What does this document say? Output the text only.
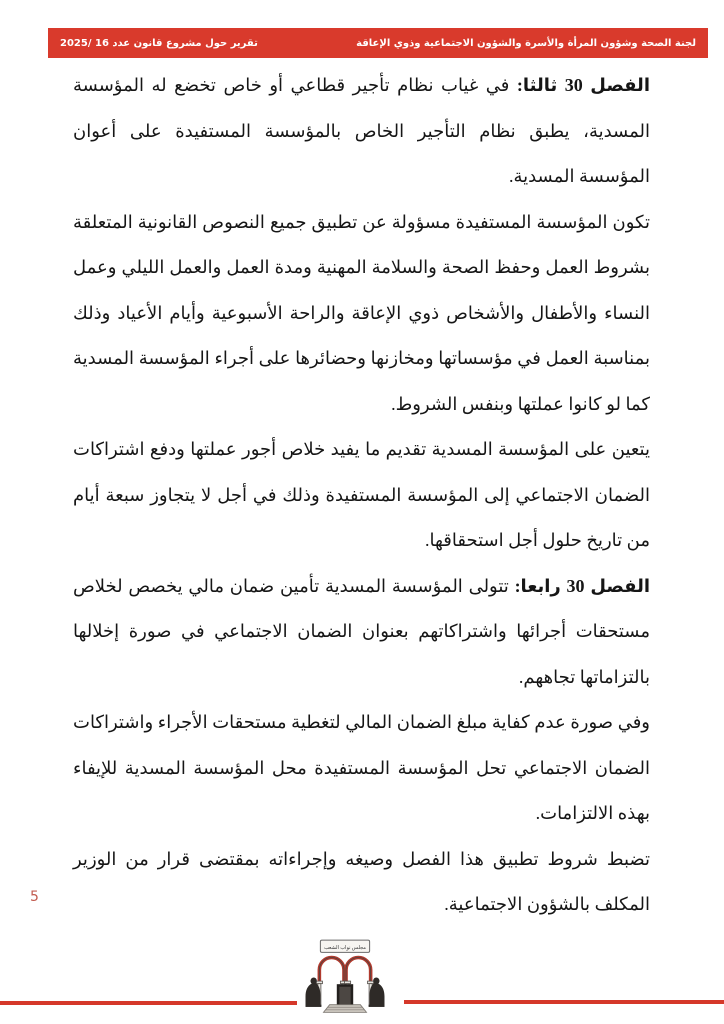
لجنة الصحة وشؤون المرأة والأسرة والشؤون الاجتماعية وذوي الإعاقة
تقرير حول مشروع قانون عدد 16 /2025

الفصل 30 ثالثا: في غياب نظام تأجير قطاعي أو خاص تخضع له المؤسسة المسدية، يطبق نظام التأجير الخاص بالمؤسسة المستفيدة على أعوان المؤسسة المسدية.

تكون المؤسسة المستفيدة مسؤولة عن تطبيق جميع النصوص القانونية المتعلقة بشروط العمل وحفظ الصحة والسلامة المهنية ومدة العمل والعمل الليلي وعمل النساء والأطفال والأشخاص ذوي الإعاقة والراحة الأسبوعية وأيام الأعياد وذلك بمناسبة العمل في مؤسساتها ومخازنها وحضائرها على أجراء المؤسسة المسدية كما لو كانوا عملتها وبنفس الشروط.

يتعين على المؤسسة المسدية تقديم ما يفيد خلاص أجور عملتها ودفع اشتراكات الضمان الاجتماعي إلى المؤسسة المستفيدة وذلك في أجل لا يتجاوز سبعة أيام من تاريخ حلول أجل استحقاقها.

الفصل 30 رابعا: تتولى المؤسسة المسدية تأمين ضمان مالي يخصص لخلاص مستحقات أجرائها واشتراكاتهم بعنوان الضمان الاجتماعي في صورة إخلالها بالتزاماتها تجاههم.

وفي صورة عدم كفاية مبلغ الضمان المالي لتغطية مستحقات الأجراء واشتراكات الضمان الاجتماعي تحل المؤسسة المستفيدة محل المؤسسة المسدية للإيفاء بهذه الالتزامات.

تضبط شروط تطبيق هذا الفصل وصيغه وإجراءاته بمقتضى قرار من الوزير المكلف بالشؤون الاجتماعية.

5
مجلس نواب الشعب
